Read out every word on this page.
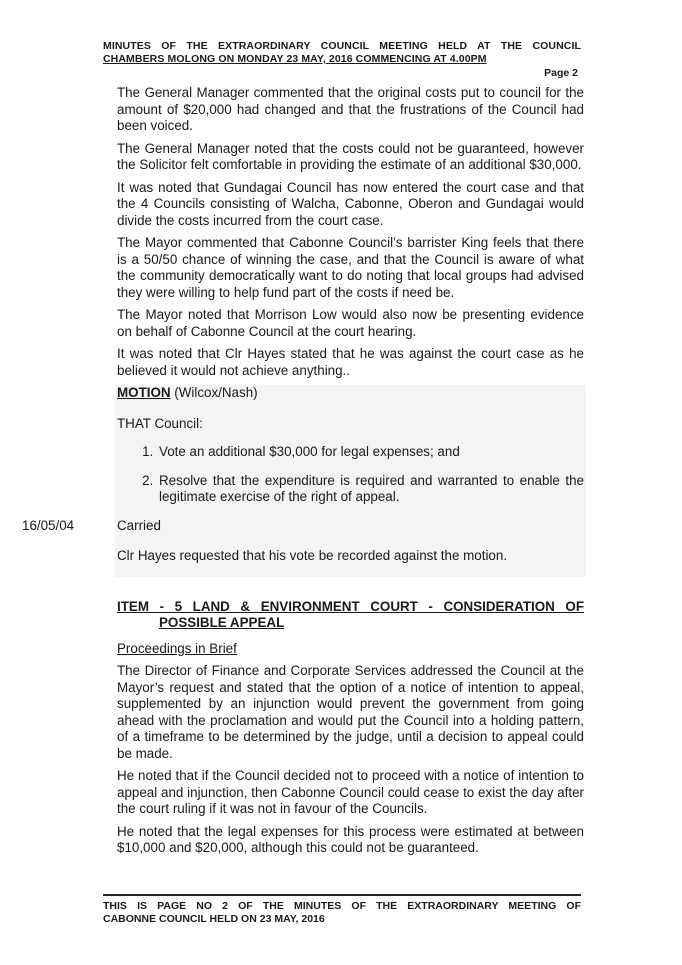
MINUTES OF THE EXTRAORDINARY COUNCIL MEETING HELD AT THE COUNCIL
CHAMBERS MOLONG ON MONDAY 23 MAY, 2016 COMMENCING AT 4.00PM
Page 2

The General Manager commented that the original costs put to council for the amount of $20,000 had changed and that the frustrations of the Council had been voiced.

The General Manager noted that the costs could not be guaranteed, however the Solicitor felt comfortable in providing the estimate of an additional $30,000.

It was noted that Gundagai Council has now entered the court case and that the 4 Councils consisting of Walcha, Cabonne, Oberon and Gundagai would divide the costs incurred from the court case.

The Mayor commented that Cabonne Council’s barrister King feels that there is a 50/50 chance of winning the case, and that the Council is aware of what the community democratically want to do noting that local groups had advised they were willing to help fund part of the costs if need be.

The Mayor noted that Morrison Low would also now be presenting evidence on behalf of Cabonne Council at the court hearing.

It was noted that Clr Hayes stated that he was against the court case as he believed it would not achieve anything..

MOTION (Wilcox/Nash)

THAT Council:

1. Vote an additional $30,000 for legal expenses; and
2. Resolve that the expenditure is required and warranted to enable the legitimate exercise of the right of appeal.
16/05/04	Carried

Clr Hayes requested that his vote be recorded against the motion.

ITEM - 5 LAND & ENVIRONMENT COURT - CONSIDERATION OF
POSSIBLE APPEAL

Proceedings in Brief

The Director of Finance and Corporate Services addressed the Council at the Mayor’s request and stated that the option of a notice of intention to appeal, supplemented by an injunction would prevent the government from going ahead with the proclamation and would put the Council into a holding pattern, of a timeframe to be determined by the judge, until a decision to appeal could be made.

He noted that if the Council decided not to proceed with a notice of intention to appeal and injunction, then Cabonne Council could cease to exist the day after the court ruling if it was not in favour of the Councils.

He noted that the legal expenses for this process were estimated at between $10,000 and $20,000, although this could not be guaranteed.

THIS IS PAGE NO 2 OF THE MINUTES OF THE EXTRAORDINARY MEETING OF
CABONNE COUNCIL HELD ON 23 MAY, 2016
